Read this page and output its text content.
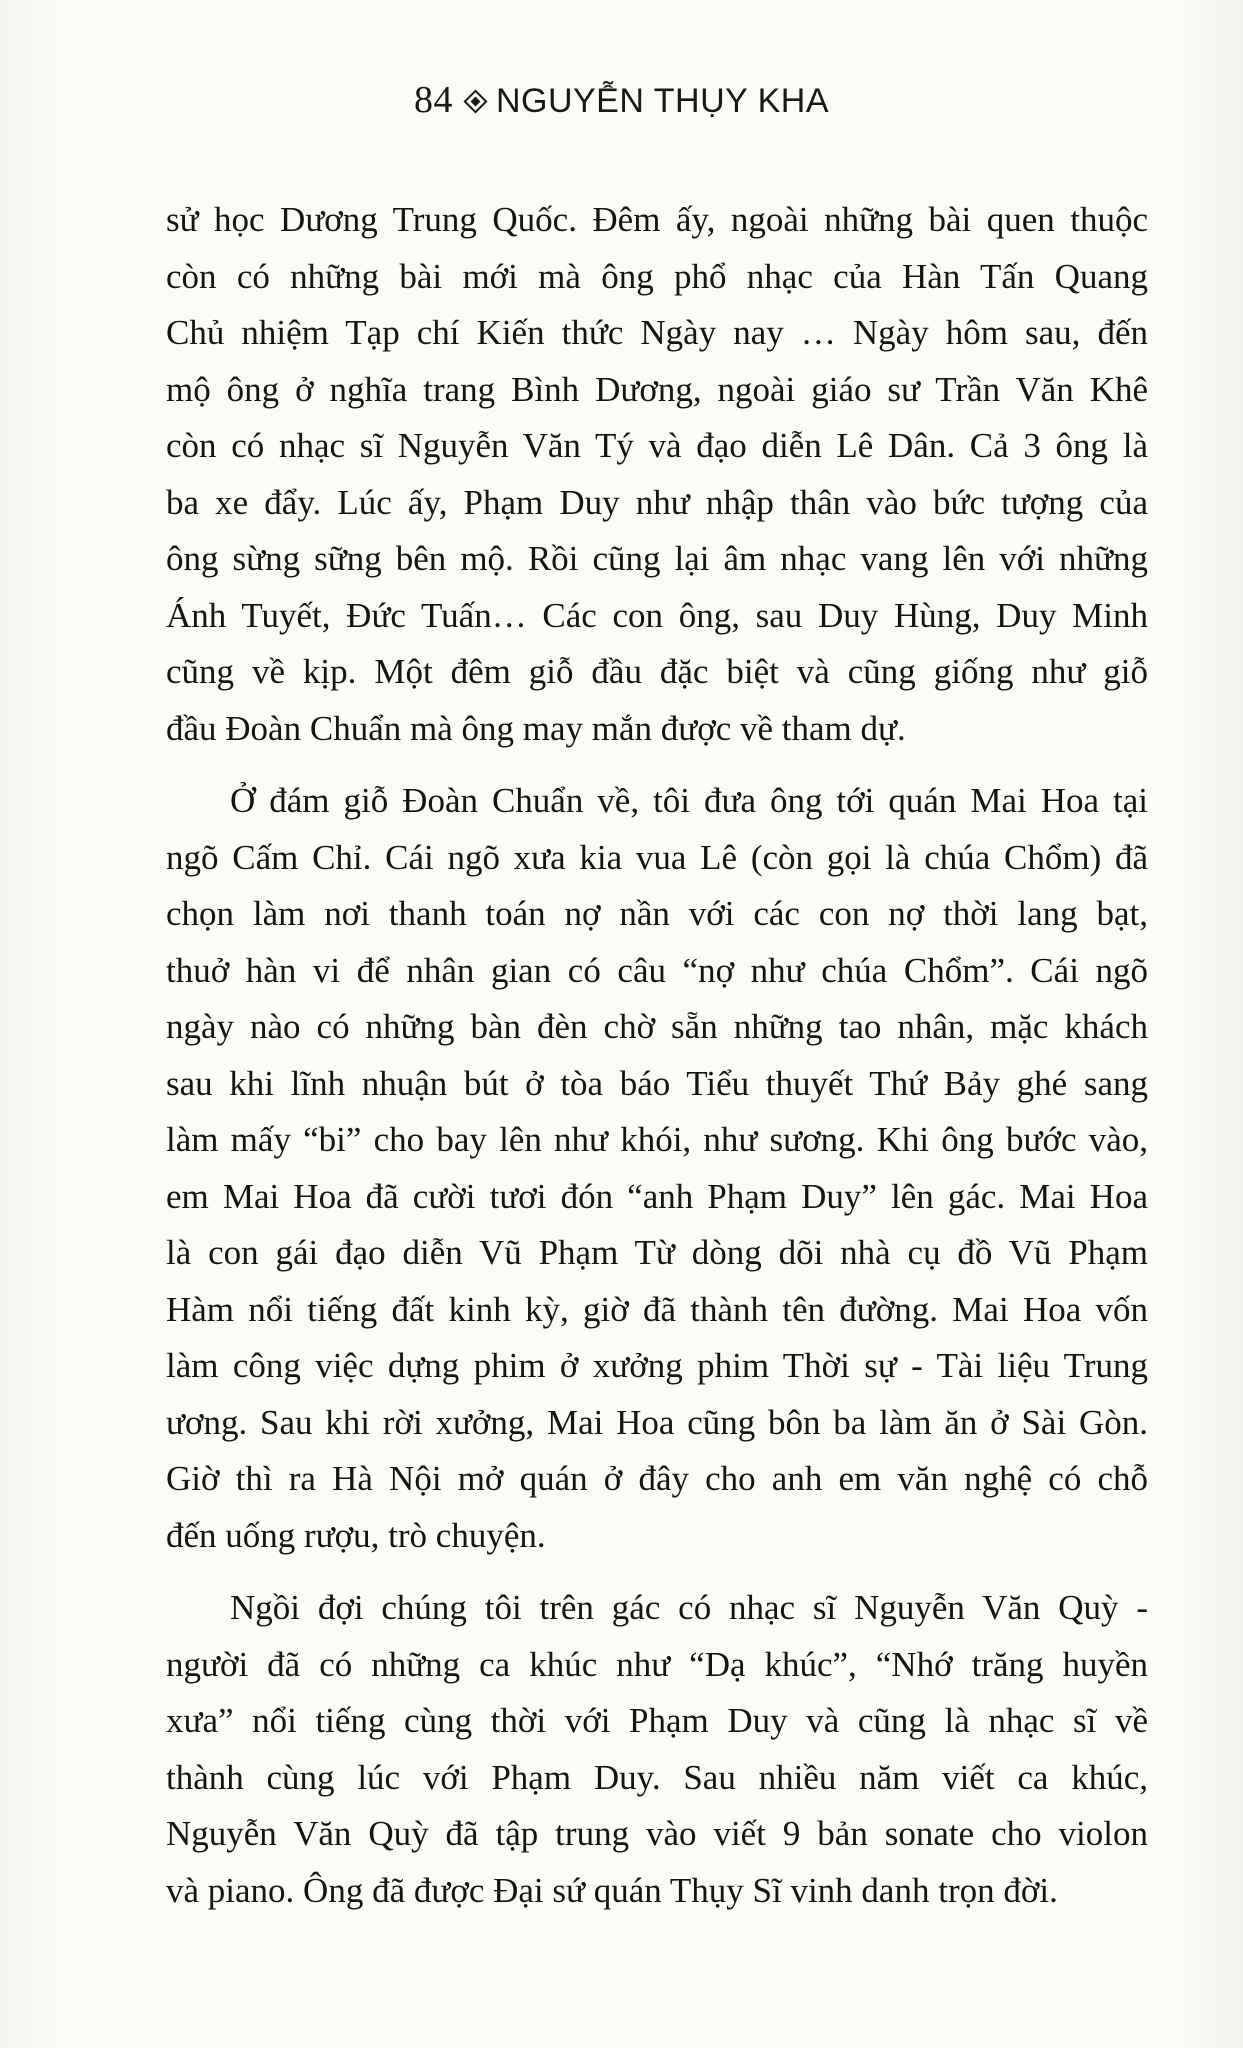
84 NGUYỄN THỤY KHA
sử học Dương Trung Quốc. Đêm ấy, ngoài những bài quen thuộc
còn có những bài mới mà ông phổ nhạc của Hàn Tấn Quang
Chủ nhiệm Tạp chí Kiến thức Ngày nay … Ngày hôm sau, đến
mộ ông ở nghĩa trang Bình Dương, ngoài giáo sư Trần Văn Khê
còn có nhạc sĩ Nguyễn Văn Tý và đạo diễn Lê Dân. Cả 3 ông là
ba xe đẩy. Lúc ấy, Phạm Duy như nhập thân vào bức tượng của
ông sừng sững bên mộ. Rồi cũng lại âm nhạc vang lên với những
Ánh Tuyết, Đức Tuấn… Các con ông, sau Duy Hùng, Duy Minh
cũng về kịp. Một đêm giỗ đầu đặc biệt và cũng giống như giỗ
đầu Đoàn Chuẩn mà ông may mắn được về tham dự.
Ở đám giỗ Đoàn Chuẩn về, tôi đưa ông tới quán Mai Hoa tại
ngõ Cấm Chỉ. Cái ngõ xưa kia vua Lê (còn gọi là chúa Chổm) đã
chọn làm nơi thanh toán nợ nần với các con nợ thời lang bạt,
thuở hàn vi để nhân gian có câu “nợ như chúa Chổm”. Cái ngõ
ngày nào có những bàn đèn chờ sẵn những tao nhân, mặc khách
sau khi lĩnh nhuận bút ở tòa báo Tiểu thuyết Thứ Bảy ghé sang
làm mấy “bi” cho bay lên như khói, như sương. Khi ông bước vào,
em Mai Hoa đã cười tươi đón “anh Phạm Duy” lên gác. Mai Hoa
là con gái đạo diễn Vũ Phạm Từ dòng dõi nhà cụ đồ Vũ Phạm
Hàm nổi tiếng đất kinh kỳ, giờ đã thành tên đường. Mai Hoa vốn
làm công việc dựng phim ở xưởng phim Thời sự - Tài liệu Trung
ương. Sau khi rời xưởng, Mai Hoa cũng bôn ba làm ăn ở Sài Gòn.
Giờ thì ra Hà Nội mở quán ở đây cho anh em văn nghệ có chỗ
đến uống rượu, trò chuyện.
Ngồi đợi chúng tôi trên gác có nhạc sĩ Nguyễn Văn Quỳ -
người đã có những ca khúc như “Dạ khúc”, “Nhớ trăng huyền
xưa” nổi tiếng cùng thời với Phạm Duy và cũng là nhạc sĩ về
thành cùng lúc với Phạm Duy. Sau nhiều năm viết ca khúc,
Nguyễn Văn Quỳ đã tập trung vào viết 9 bản sonate cho violon
và piano. Ông đã được Đại sứ quán Thụy Sĩ vinh danh trọn đời.
